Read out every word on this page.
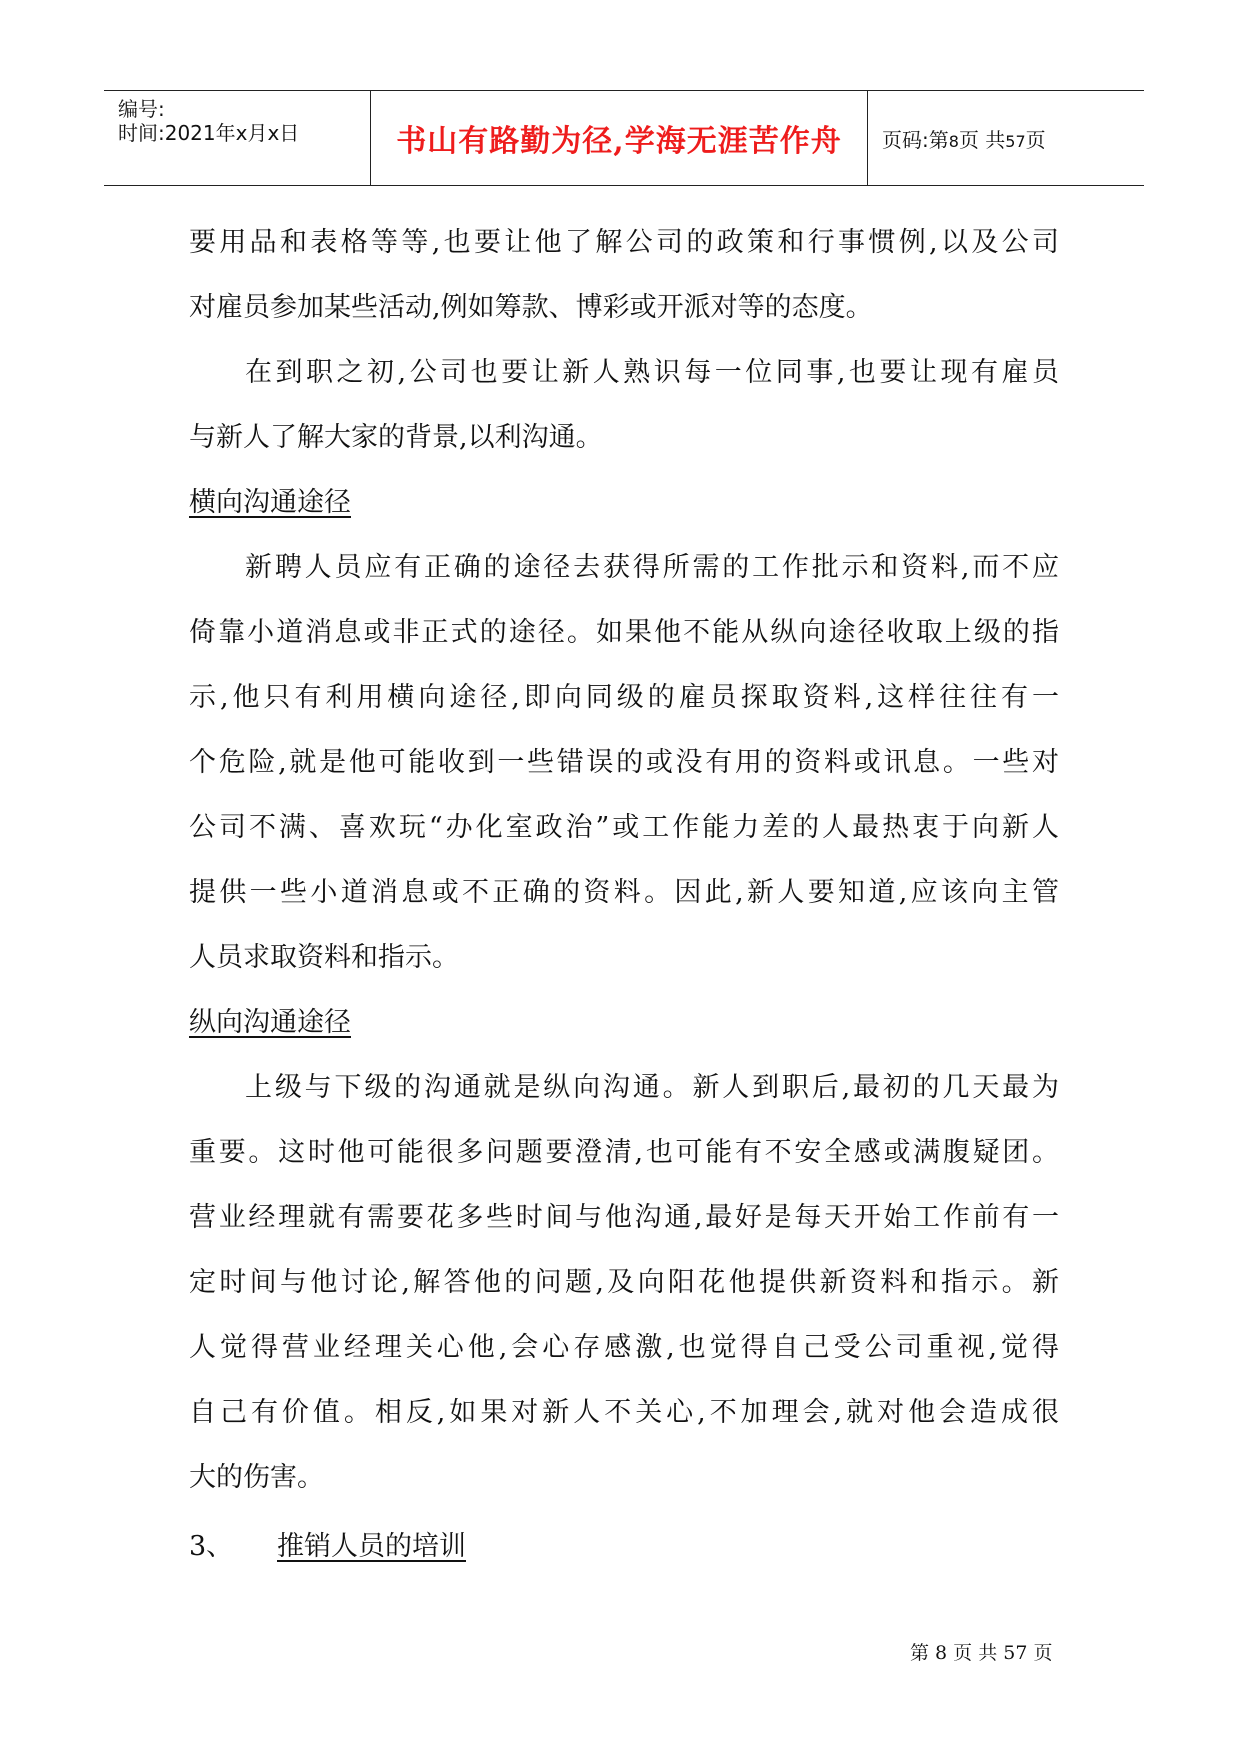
编号:
时间:2021年x月x日	书山有路勤为径,学海无涯苦作舟	页码:第8页 共57页
要用品和表格等等,也要让他了解公司的政策和行事惯例,以及公司
对雇员参加某些活动,例如筹款、博彩或开派对等的态度。
在到职之初,公司也要让新人熟识每一位同事,也要让现有雇员
与新人了解大家的背景,以利沟通。
横向沟通途径
新聘人员应有正确的途径去获得所需的工作批示和资料,而不应
倚靠小道消息或非正式的途径。如果他不能从纵向途径收取上级的指
示,他只有利用横向途径,即向同级的雇员探取资料,这样往往有一
个危险,就是他可能收到一些错误的或没有用的资料或讯息。一些对
公司不满、喜欢玩“办化室政治”或工作能力差的人最热衷于向新人
提供一些小道消息或不正确的资料。因此,新人要知道,应该向主管
人员求取资料和指示。
纵向沟通途径
上级与下级的沟通就是纵向沟通。新人到职后,最初的几天最为
重要。这时他可能很多问题要澄清,也可能有不安全感或满腹疑团。
营业经理就有需要花多些时间与他沟通,最好是每天开始工作前有一
定时间与他讨论,解答他的问题,及向阳花他提供新资料和指示。新
人觉得营业经理关心他,会心存感激,也觉得自己受公司重视,觉得
自己有价值。相反,如果对新人不关心,不加理会,就对他会造成很
大的伤害。
3、 推销人员的培训
第 8 页 共 57 页
